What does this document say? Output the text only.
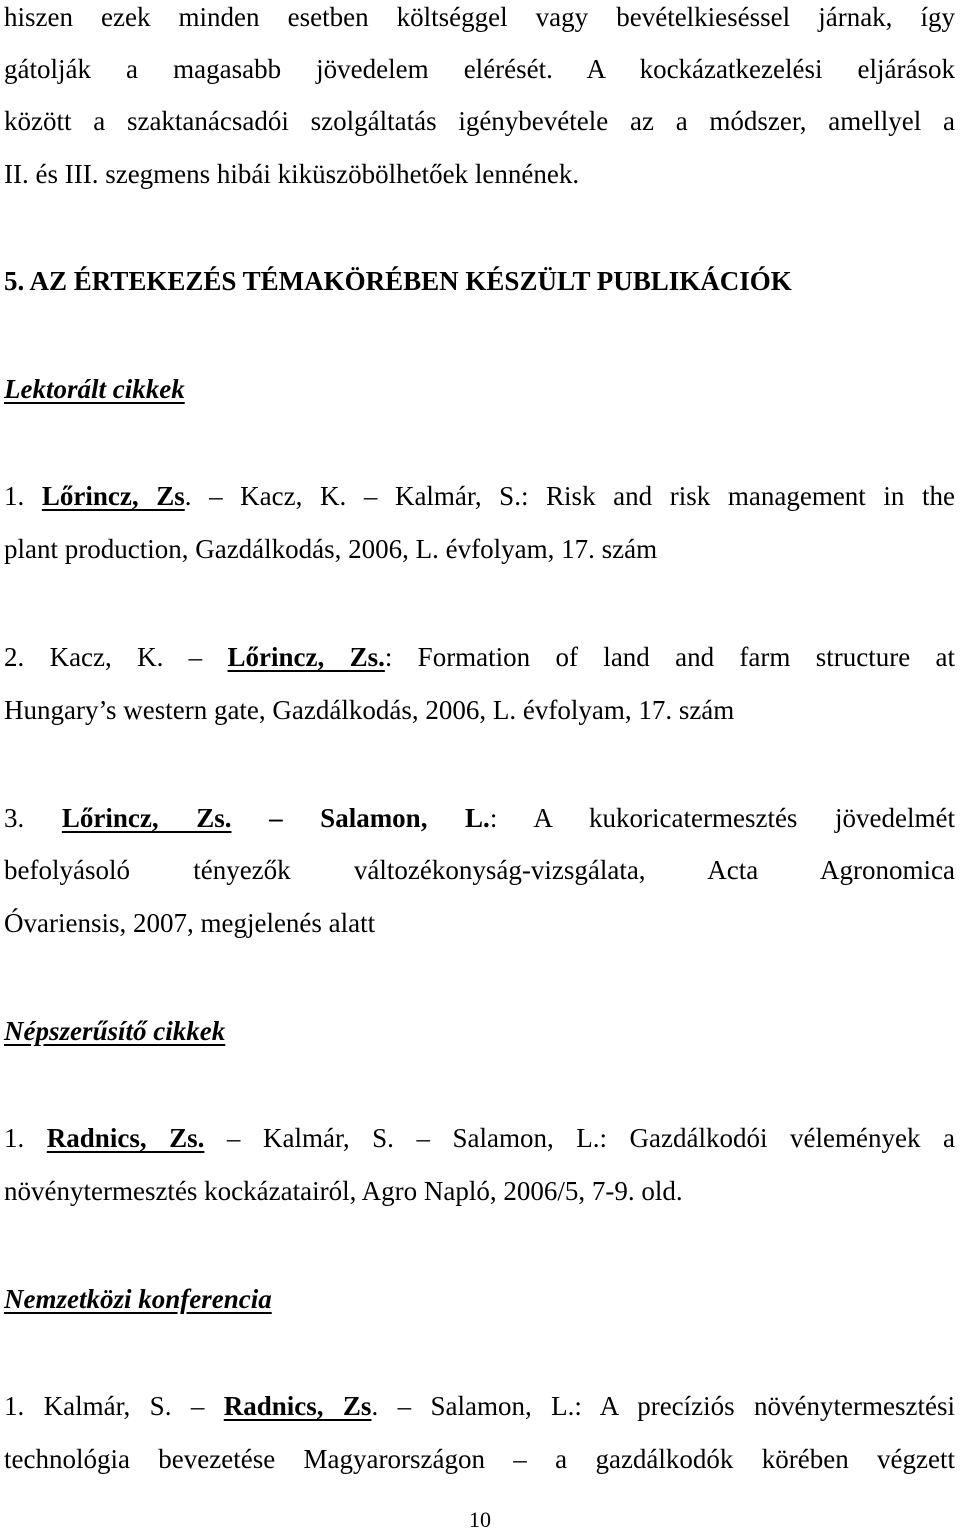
hiszen ezek minden esetben költséggel vagy bevételkieséssel járnak, így
gátolják a magasabb jövedelem elérését. A kockázatkezelési eljárások
között a szaktanácsadói szolgáltatás igénybevétele az a módszer, amellyel a
II. és III. szegmens hibái kiküszöbölhetőek lennének.
5. AZ ÉRTEKEZÉS TÉMAKÖRÉBEN KÉSZÜLT PUBLIKÁCIÓK
Lektorált cikkek
1. Lőrincz, Zs. – Kacz, K. – Kalmár, S.: Risk and risk management in the
plant production, Gazdálkodás, 2006, L. évfolyam, 17. szám
2. Kacz, K. – Lőrincz, Zs.: Formation of land and farm structure at
Hungary’s western gate, Gazdálkodás, 2006, L. évfolyam, 17. szám
3. Lőrincz, Zs. – Salamon, L.: A kukoricatermesztés jövedelmét
befolyásoló tényezők változékonyság-vizsgálata, Acta Agronomica
Óvariensis, 2007, megjelenés alatt
Népszerűsítő cikkek
1. Radnics, Zs. – Kalmár, S. – Salamon, L.: Gazdálkodói vélemények a
növénytermesztés kockázatairól, Agro Napló, 2006/5, 7-9. old.
Nemzetközi konferencia
1. Kalmár, S. – Radnics, Zs. – Salamon, L.: A precíziós növénytermesztési
technológia bevezetése Magyarországon – a gazdálkodók körében végzett
10
